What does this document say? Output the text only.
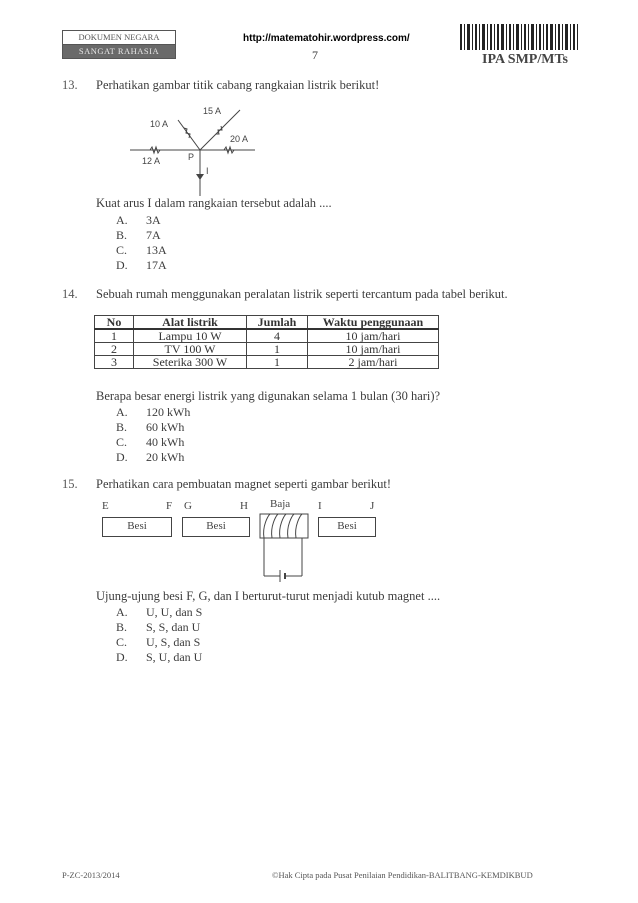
DOKUMEN NEGARA
SANGAT RAHASIA
http://matematohir.wordpress.com/
7	IPA SMP/MTs
13. Perhatikan gambar titik cabang rangkaian listrik berikut!
15 A
10 A
20 A
12 A	P
I
Kuat arus I dalam rangkaian tersebut adalah ....
A. 3A
B. 7A
C. 13A
D. 17A
14. Sebuah rumah menggunakan peralatan listrik seperti tercantum pada tabel berikut.
No	Alat listrik	Jumlah	Waktu penggunaan
1	Lampu 10 W	4	10 jam/hari
2	TV 100 W	1	10 jam/hari
3	Seterika 300 W	1	2 jam/hari
Berapa besar energi listrik yang digunakan selama 1 bulan (30 hari)?
A. 120 kWh
B. 60 kWh
C. 40 kWh
D. 20 kWh
15. Perhatikan cara pembuatan magnet seperti gambar berikut!
E	F G	H Baja	I	J
Besi	Besi	Besi
Ujung-ujung besi F, G, dan I berturut-turut menjadi kutub magnet ....
A. U, U, dan S
B. S, S, dan U
C. U, S, dan S
D. S, U, dan U
P-ZC-2013/2014	©Hak Cipta pada Pusat Penilaian Pendidikan-BALITBANG-KEMDIKBUD
